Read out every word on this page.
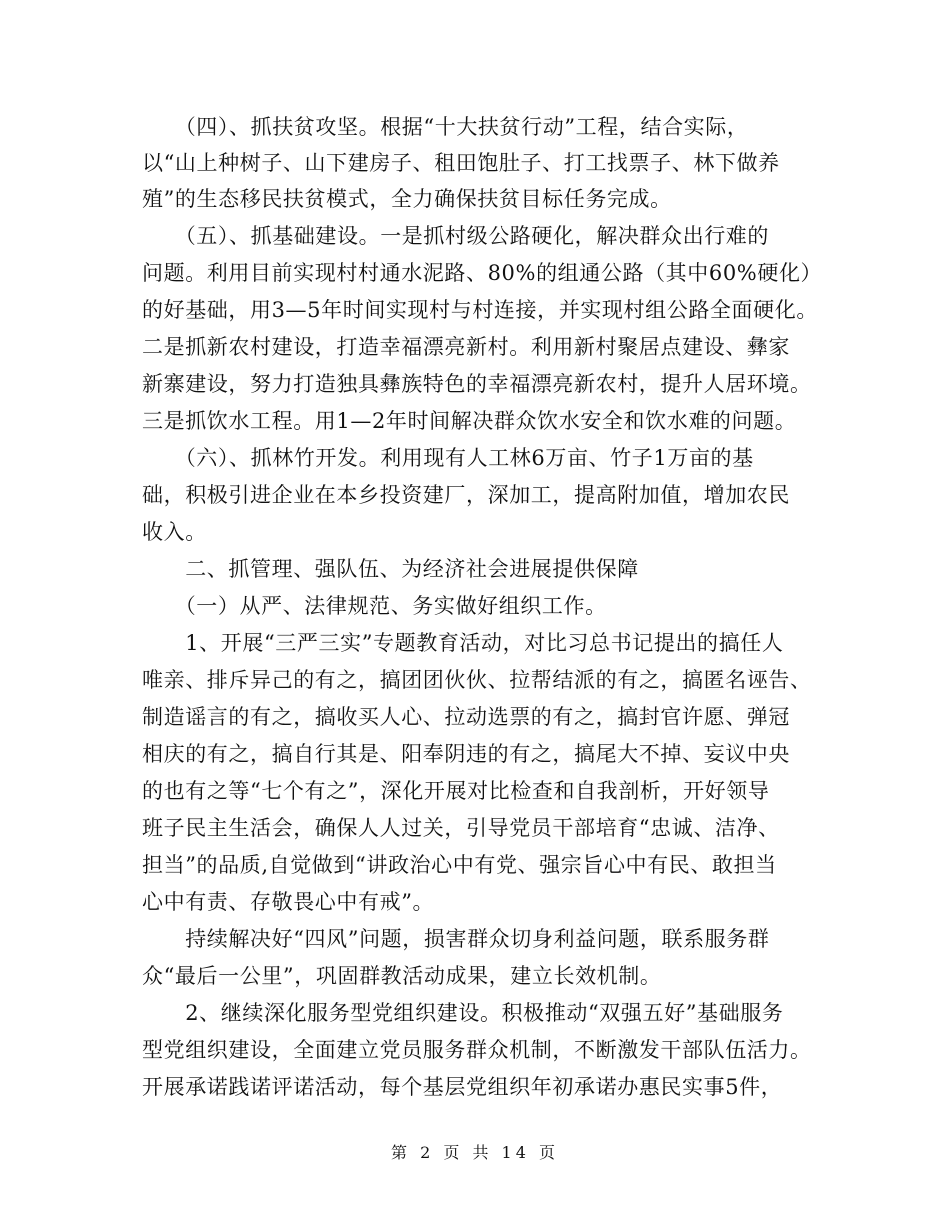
　　（四）、抓扶贫攻坚。根据“十大扶贫行动”工程，结合实际，
以“山上种树子、山下建房子、租田饱肚子、打工找票子、林下做养
殖”的生态移民扶贫模式，全力确保扶贫目标任务完成。
　　（五）、抓基础建设。一是抓村级公路硬化，解决群众出行难的
问题。利用目前实现村村通水泥路、80%的组通公路（其中60%硬化）
的好基础，用3—5年时间实现村与村连接，并实现村组公路全面硬化。
二是抓新农村建设，打造幸福漂亮新村。利用新村聚居点建设、彝家
新寨建设，努力打造独具彝族特色的幸福漂亮新农村，提升人居环境。
三是抓饮水工程。用1—2年时间解决群众饮水安全和饮水难的问题。
　　（六）、抓林竹开发。利用现有人工林6万亩、竹子1万亩的基
础，积极引进企业在本乡投资建厂，深加工，提高附加值，增加农民
收入。
　　二、抓管理、强队伍、为经济社会进展提供保障
　　（一）从严、法律规范、务实做好组织工作。
　　1、开展“三严三实”专题教育活动，对比习总书记提出的搞任人
唯亲、排斥异己的有之，搞团团伙伙、拉帮结派的有之，搞匿名诬告、
制造谣言的有之，搞收买人心、拉动选票的有之，搞封官许愿、弹冠
相庆的有之，搞自行其是、阳奉阴违的有之，搞尾大不掉、妄议中央
的也有之等“七个有之”，深化开展对比检查和自我剖析，开好领导
班子民主生活会，确保人人过关，引导党员干部培育“忠诚、洁净、
担当”的品质,自觉做到“讲政治心中有党、强宗旨心中有民、敢担当
心中有责、存敬畏心中有戒”。
　　持续解决好“四风”问题，损害群众切身利益问题，联系服务群
众“最后一公里”，巩固群教活动成果，建立长效机制。
　　2、继续深化服务型党组织建设。积极推动“双强五好”基础服务
型党组织建设，全面建立党员服务群众机制，不断激发干部队伍活力。
开展承诺践诺评诺活动，每个基层党组织年初承诺办惠民实事5件，
第 2 页 共 14 页
